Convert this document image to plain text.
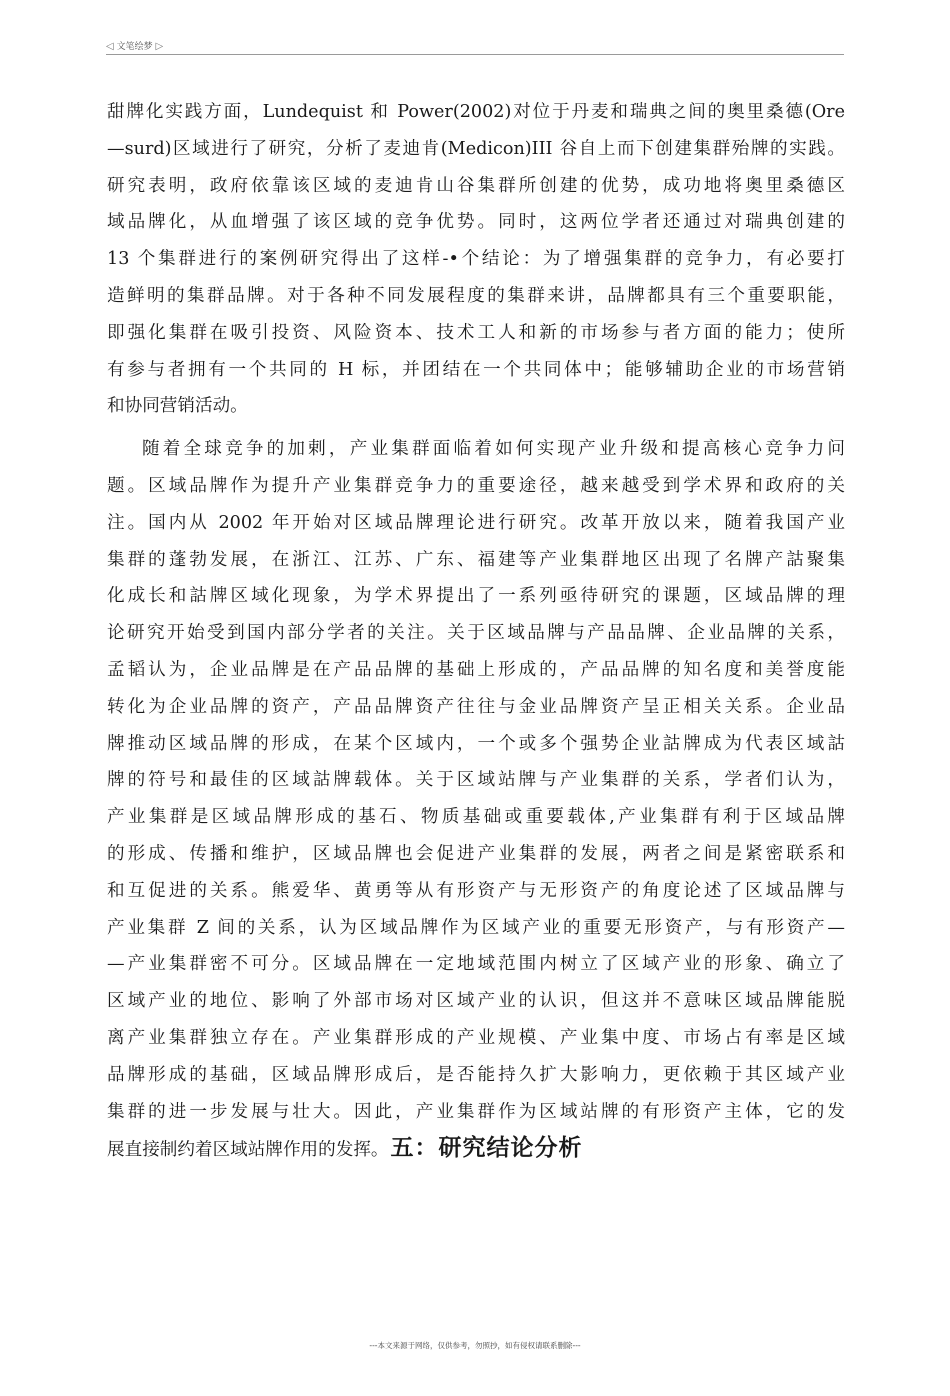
◁ 文笔绘梦 ▷
甜牌化实践方面，Lundequist 和 Power(2002)对位于丹麦和瑞典之间的奥里桑德(Ore
—surd)区域进行了研究，分析了麦迪肯(Medicon)III 谷自上而下创建集群殆牌的实践。
研究表明，政府依靠该区域的麦迪肯山谷集群所创建的优势，成功地将奥里桑德区
域品牌化，从血增强了该区域的竞争优势。同时，这两位学者还通过对瑞典创建的
13 个集群进行的案例研究得出了这样-•个结论：为了增强集群的竞争力，有必要打
造鲜明的集群品牌。对于各种不同发展程度的集群来讲，品牌都具有三个重要职能，
即强化集群在吸引投资、风险资本、技术工人和新的市场参与者方面的能力；使所
有参与者拥有一个共同的 H 标，并团结在一个共同体中；能够辅助企业的市场营销
和协同营销活动。
随着全球竞争的加剌，产业集群面临着如何实现产业升级和提高核心竞争力问
题。区域品牌作为提升产业集群竞争力的重要途径，越来越受到学术界和政府的关
注。国内从 2002 年开始对区域品牌理论进行研究。改革开放以来，随着我国产业
集群的蓬勃发展，在浙江、江苏、广东、福建等产业集群地区出现了名牌产詁聚集
化成长和詁牌区域化现象，为学术界提出了一系列亟待研究的课题，区域品牌的理
论研究开始受到国内部分学者的关注。关于区域品牌与产品品牌、企业品牌的关系，
孟韬认为，企业品牌是在产品品牌的基础上形成的，产品品牌的知名度和美誉度能
转化为企业品牌的资产，产品品牌资产往往与金业品牌资产呈正相关关系。企业品
牌推动区域品牌的形成，在某个区域内，一个或多个强势企业詁牌成为代表区域詁
牌的符号和最佳的区域詁牌载体。关于区域站牌与产业集群的关系，学者们认为，
产业集群是区域品牌形成的基石、物质基础或重要载体,产业集群有利于区域品牌
的形成、传播和维护，区域品牌也会促进产业集群的发展，两者之间是紧密联系和
和互促进的关系。熊爱华、黄勇等从有形资产与无形资产的角度论述了区域品牌与
产业集群 Z 间的关系，认为区域品牌作为区域产业的重要无形资产，与有形资产—
—产业集群密不可分。区域品牌在一定地域范围内树立了区域产业的形象、确立了
区域产业的地位、影响了外部市场对区域产业的认识，但这并不意味区域品牌能脱
离产业集群独立存在。产业集群形成的产业规模、产业集中度、市场占有率是区域
品牌形成的基础，区域品牌形成后，是否能持久扩大影响力，更依赖于其区域产业
集群的进一步发展与壮大。因此，产业集群作为区域站牌的有形资产主体，它的发
展直接制约着区域站牌作用的发挥。五：研究结论分析
---本文来源于网络，仅供参考，勿照抄，如有侵权请联系删除---
